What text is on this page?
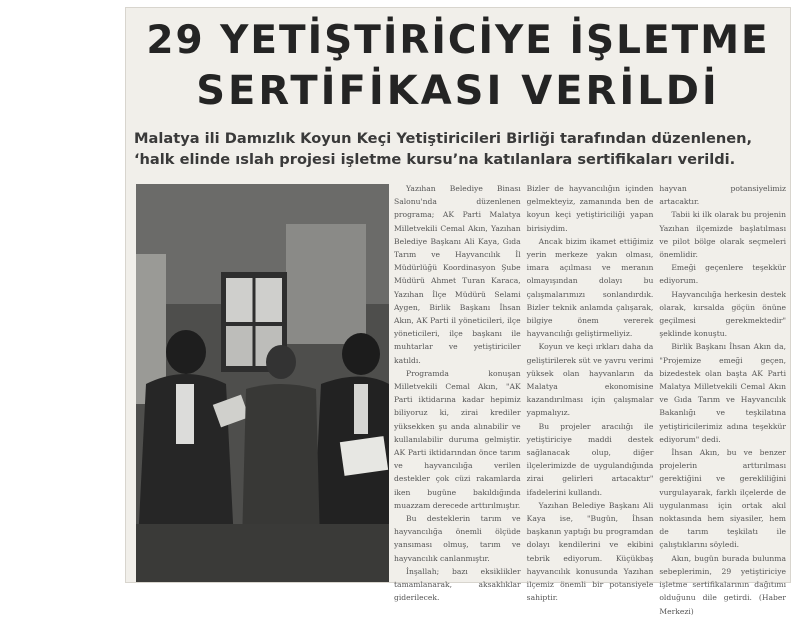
29 YETİŞTİRİCİYE İŞLETME
SERTİFİKASI VERİLDİ
Malatya ili Damızlık Koyun Keçi Yetiştiricileri Birliği tarafından düzenlenen, ‘halk elinde ıslah projesi işletme kursu’na katılanlara sertifikaları verildi.

Yazıhan Belediye Binası Salonu'nda düzenlenen programa; AK Parti Malatya Milletvekili Cemal Akın, Yazıhan Belediye Başkanı Ali Kaya, Gıda Tarım ve Hayvancılık İl Müdürlüğü Koordinasyon Şube Müdürü Ahmet Turan Karaca, Yazıhan İlçe Müdürü Selami Aygen, Birlik Başkanı İhsan Akın, AK Parti il yöneticileri, ilçe yöneticileri, ilçe başkanı ile muhtarlar ve yetiştiriciler katıldı.

Programda konuşan Milletvekili Cemal Akın, "AK Parti iktidarına kadar hepimiz biliyoruz ki, zirai krediler yüksekken şu anda alınabilir ve kullanılabilir duruma gelmiştir. AK Parti iktidarından önce tarım ve hayvancılığa verilen destekler çok cüzi rakamlarda iken bugüne bakıldığında muazzam derecede arttırılmıştır.

Bu desteklerin tarım ve hayvancılığa önemli ölçüde yansıması olmuş, tarım ve hayvancılık canlanmıştır.

İnşallah; bazı eksiklikler tamamlanarak, aksaklıklar giderilecek.

Bizler de hayvancılığın içinden gelmekteyiz, zamanında ben de koyun keçi yetiştiriciliği yapan birisiydim.

Ancak bizim ikamet ettiğimiz yerin merkeze yakın olması, imara açılması ve meranın olmayışından dolayı bu çalışmalarımızı sonlandırdık. Bizler teknik anlamda çalışarak, bilgiye önem vererek hayvancılığı geliştirmeliyiz.

Koyun ve keçi ırkları daha da geliştirilerek süt ve yavru verimi yüksek olan hayvanların da Malatya ekonomisine kazandırılması için çalışmalar yapmalıyız.

Bu projeler aracılığı ile yetiştiriciye maddi destek sağlanacak olup, diğer ilçelerimizde de uygulandığında zirai gelirleri artacaktır" ifadelerini kullandı.

Yazıhan Belediye Başkanı Ali Kaya ise, "Bugün, İhsan başkanın yaptığı bu programdan dolayı kendilerini ve ekibini tebrik ediyorum. Küçükbaş hayvancılık konusunda Yazıhan ilçemiz önemli bir potansiyele sahiptir.

hayvan potansiyelimiz artacaktır.

Tabii ki ilk olarak bu projenin Yazıhan ilçemizde başlatılması ve pilot bölge olarak seçmeleri önemlidir.

Emeği geçenlere teşekkür ediyorum.

Hayvancılığa herkesin destek olarak, kırsalda göçün önüne geçilmesi gerekmektedir" şeklinde konuştu.

Birlik Başkanı İhsan Akın da, "Projemize emeği geçen, bizedestek olan başta AK Parti Malatya Milletvekili Cemal Akın ve Gıda Tarım ve Hayvancılık Bakanlığı ve teşkilatına yetiştiricilerimiz adına teşekkür ediyorum" dedi.

İhsan Akın, bu ve benzer projelerin arttırılması gerektiğini ve gerekliliğini vurgulayarak, farklı ilçelerde de uygulanması için ortak akıl noktasında hem siyasiler, hem de tarım teşkilatı ile çalıştıklarını söyledi.

Akın, bugün burada bulunma sebeplerimin, 29 yetiştiriciye işletme sertifikalarının dağıtımı olduğunu dile getirdi. (Haber Merkezi)
